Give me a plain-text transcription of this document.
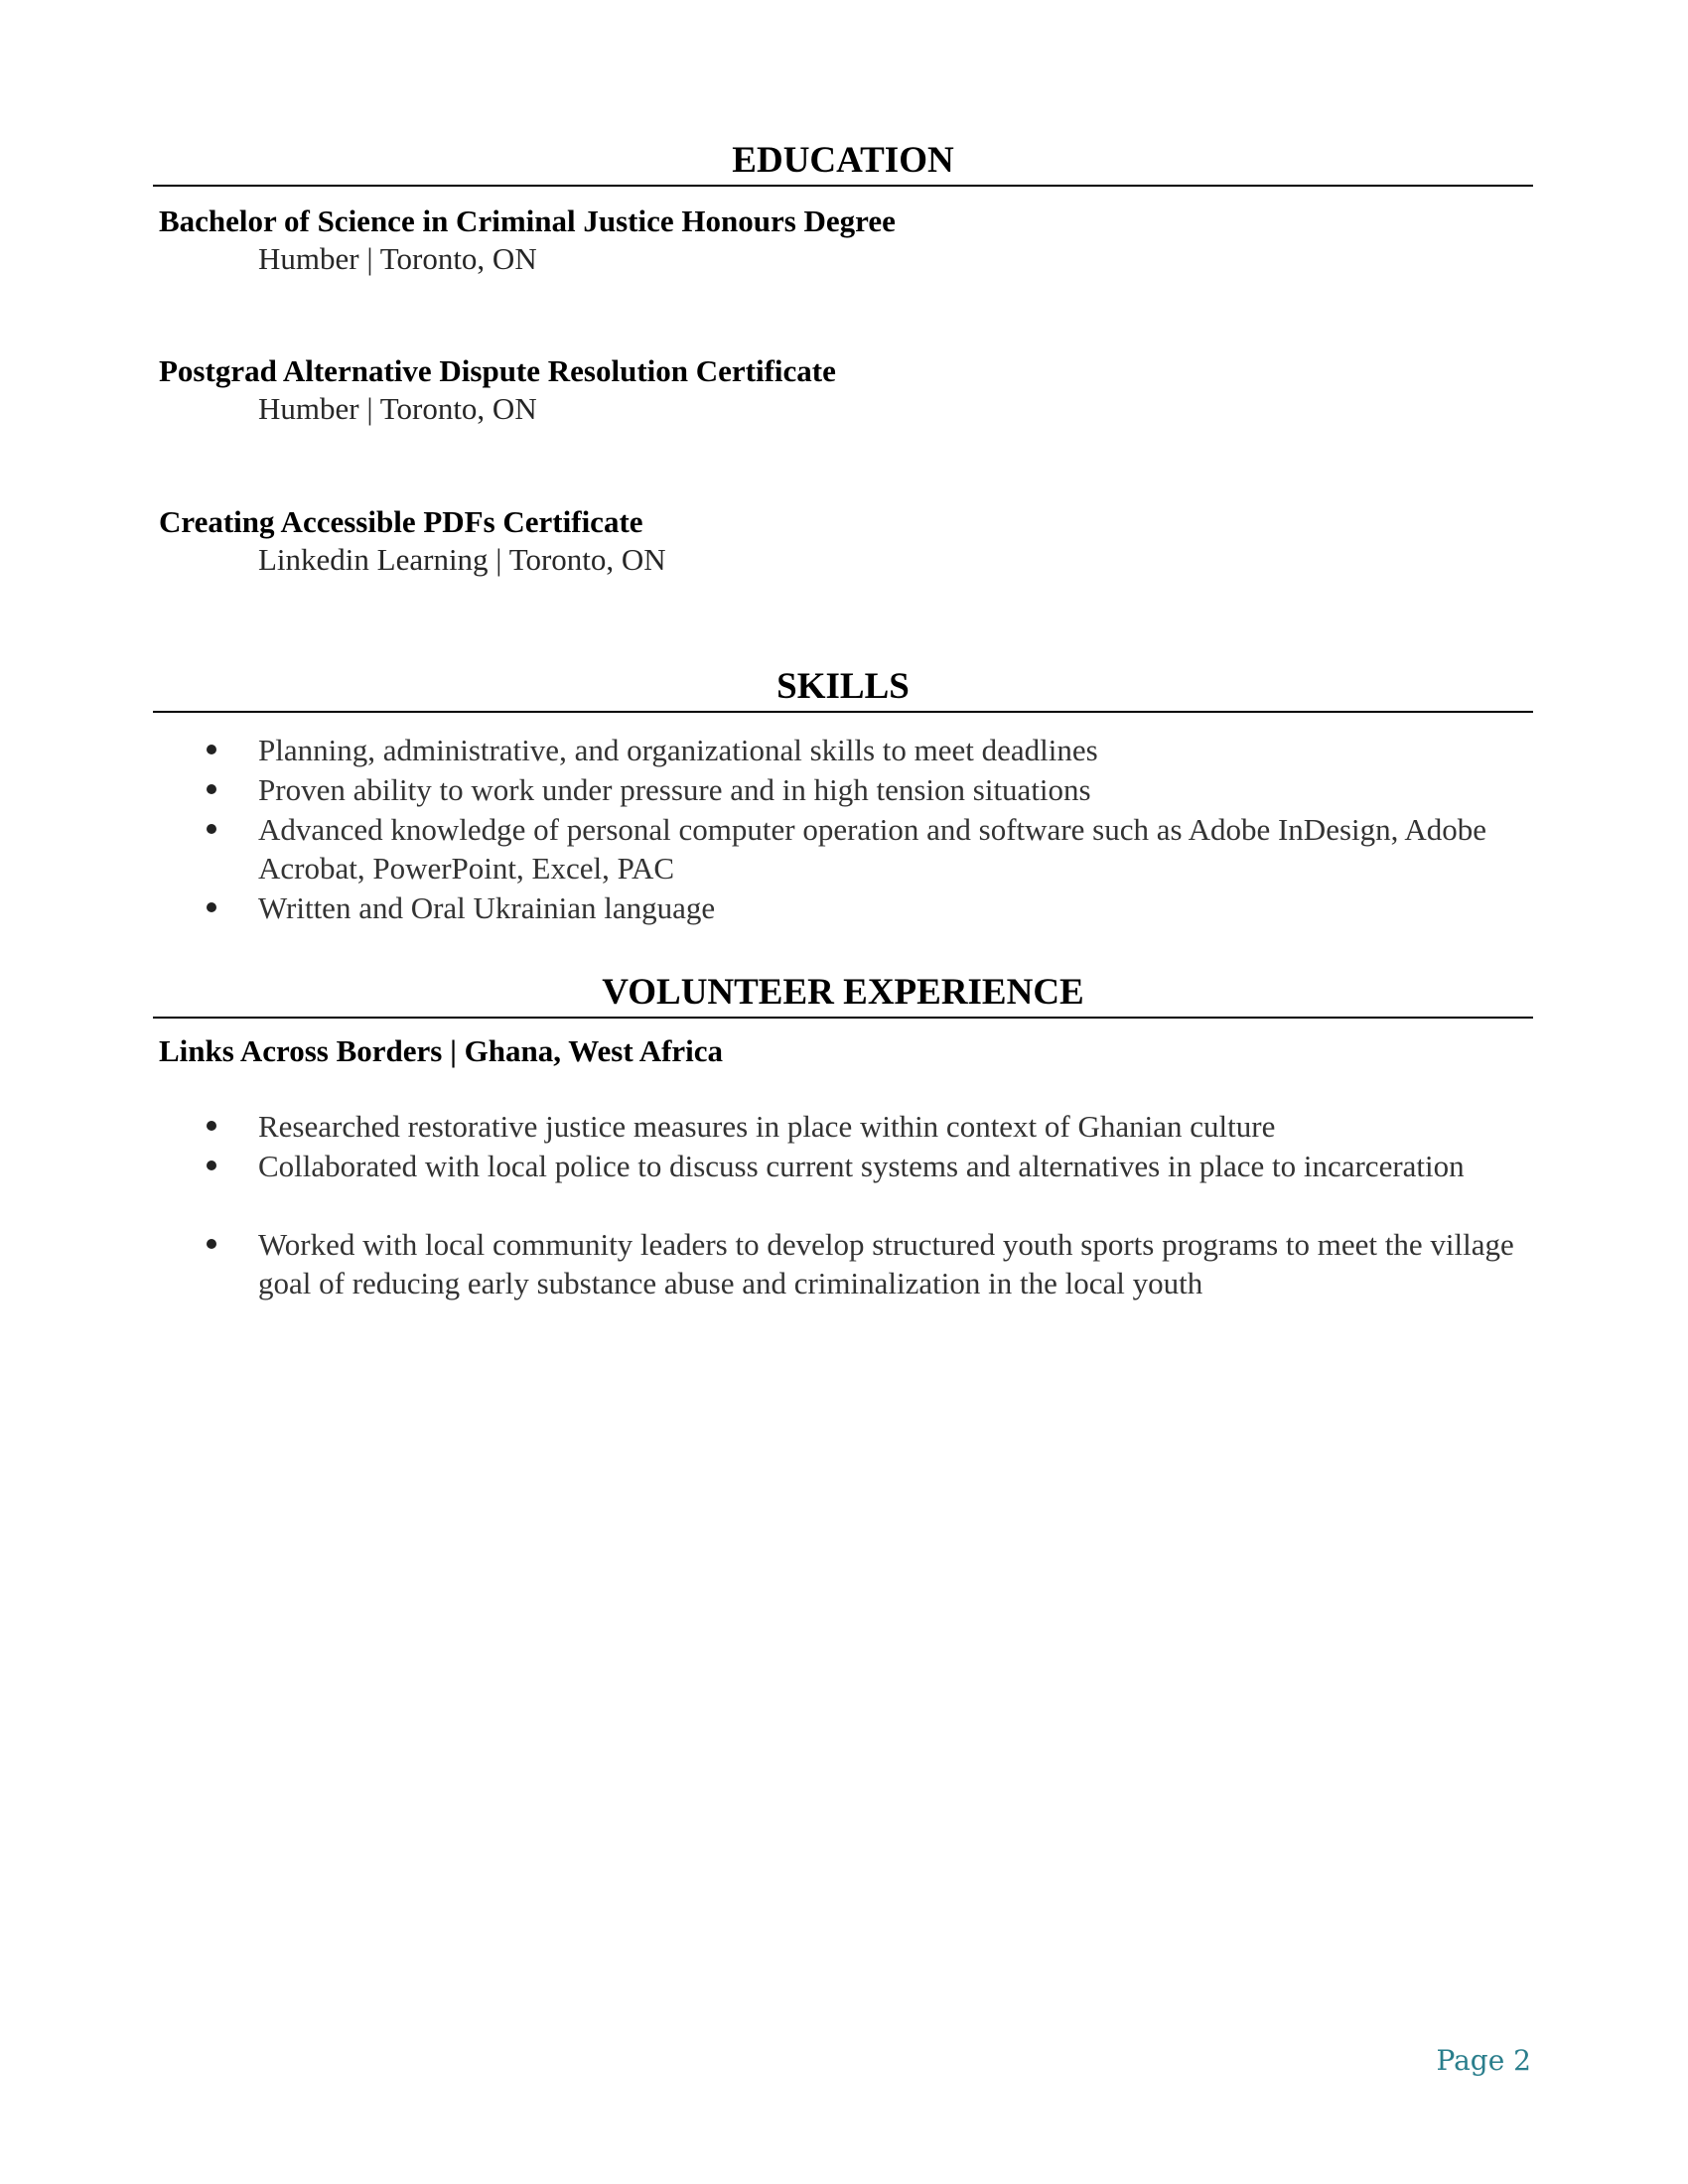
EDUCATION
Bachelor of Science in Criminal Justice Honours Degree
Humber | Toronto, ON
Postgrad Alternative Dispute Resolution Certificate
Humber | Toronto, ON
Creating Accessible PDFs Certificate
Linkedin Learning | Toronto, ON
SKILLS
Planning, administrative, and organizational skills to meet deadlines
Proven ability to work under pressure and in high tension situations
Advanced knowledge of personal computer operation and software such as Adobe InDesign, Adobe Acrobat, PowerPoint, Excel, PAC
Written and Oral Ukrainian language
VOLUNTEER EXPERIENCE
Links Across Borders | Ghana, West Africa
Researched restorative justice measures in place within context of Ghanian culture
Collaborated with local police to discuss current systems and alternatives in place to incarceration
Worked with local community leaders to develop structured youth sports programs to meet the village goal of reducing early substance abuse and criminalization in the local youth
Page 2
